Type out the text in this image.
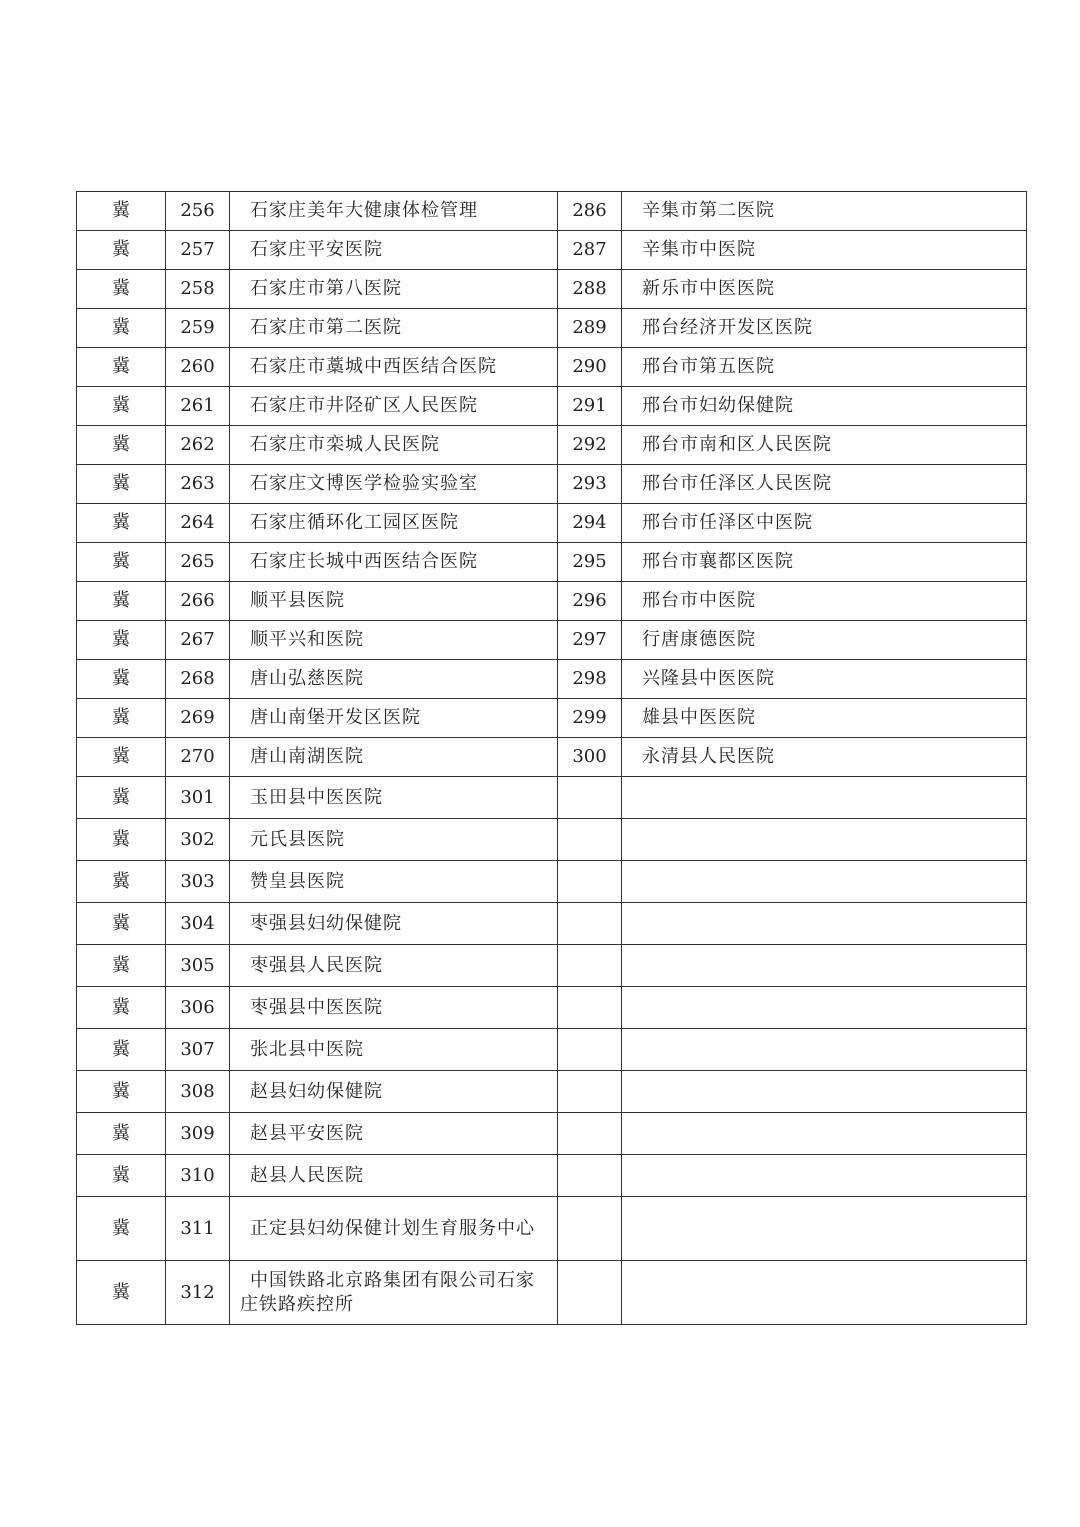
冀	256	石家庄美年大健康体检管理	286	辛集市第二医院
冀	257	石家庄平安医院	287	辛集市中医院
冀	258	石家庄市第八医院	288	新乐市中医医院
冀	259	石家庄市第二医院	289	邢台经济开发区医院
冀	260	石家庄市藁城中西医结合医院	290	邢台市第五医院
冀	261	石家庄市井陉矿区人民医院	291	邢台市妇幼保健院
冀	262	石家庄市栾城人民医院	292	邢台市南和区人民医院
冀	263	石家庄文博医学检验实验室	293	邢台市任泽区人民医院
冀	264	石家庄循环化工园区医院	294	邢台市任泽区中医院
冀	265	石家庄长城中西医结合医院	295	邢台市襄都区医院
冀	266	顺平县医院	296	邢台市中医院
冀	267	顺平兴和医院	297	行唐康德医院
冀	268	唐山弘慈医院	298	兴隆县中医医院
冀	269	唐山南堡开发区医院	299	雄县中医医院
冀	270	唐山南湖医院	300	永清县人民医院
冀	301	玉田县中医医院		
冀	302	元氏县医院		
冀	303	赞皇县医院		
冀	304	枣强县妇幼保健院		
冀	305	枣强县人民医院		
冀	306	枣强县中医医院		
冀	307	张北县中医院		
冀	308	赵县妇幼保健院		
冀	309	赵县平安医院		
冀	310	赵县人民医院		
冀	311	正定县妇幼保健计划生育服务中心		
冀	312	中国铁路北京路集团有限公司石家庄铁路疾控所		
